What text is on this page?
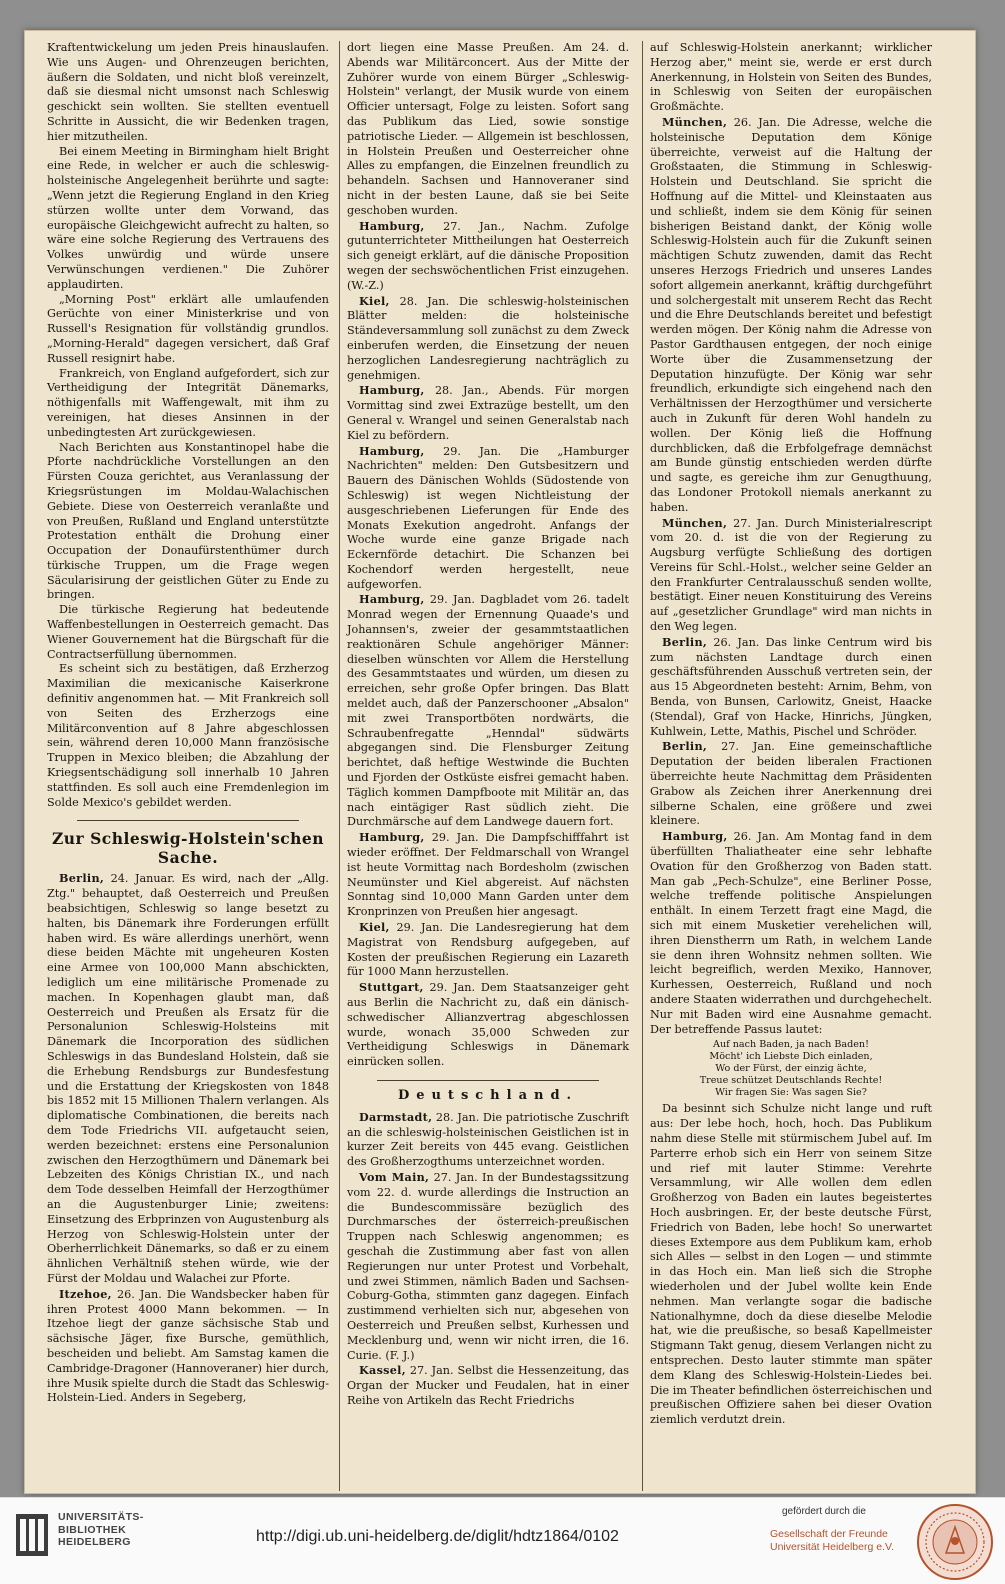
Kraftentwickelung um jeden Preis hinauslaufen. Wie uns Augen- und Ohrenzeugen berichten, äußern die Soldaten, und nicht bloß vereinzelt, daß sie diesmal nicht umsonst nach Schleswig geschickt sein wollten. Sie stellten eventuell Schritte in Aussicht, die wir Bedenken tragen, hier mitzutheilen.

Bei einem Meeting in Birmingham hielt Bright eine Rede, in welcher er auch die schleswig-holsteinische Angelegenheit berührte und sagte: „Wenn jetzt die Regierung England in den Krieg stürzen wollte unter dem Vorwand, das europäische Gleichgewicht aufrecht zu halten, so wäre eine solche Regierung des Vertrauens des Volkes unwürdig und würde unsere Verwünschungen verdienen." Die Zuhörer applaudirten.

„Morning Post" erklärt alle umlaufenden Gerüchte von einer Ministerkrise und von Russell's Resignation für vollständig grundlos. „Morning-Herald" dagegen versichert, daß Graf Russell resignirt habe.

Frankreich, von England aufgefordert, sich zur Vertheidigung der Integrität Dänemarks, nöthigenfalls mit Waffengewalt, mit ihm zu vereinigen, hat dieses Ansinnen in der unbedingtesten Art zurückgewiesen.

Nach Berichten aus Konstantinopel habe die Pforte nachdrückliche Vorstellungen an den Fürsten Couza gerichtet, aus Veranlassung der Kriegsrüstungen im Moldau-Walachischen Gebiete. Diese von Oesterreich veranlaßte und von Preußen, Rußland und England unterstützte Protestation enthält die Drohung einer Occupation der Donaufürstenthümer durch türkische Truppen, um die Frage wegen Säcularisirung der geistlichen Güter zu Ende zu bringen.

Die türkische Regierung hat bedeutende Waffenbestellungen in Oesterreich gemacht. Das Wiener Gouvernement hat die Bürgschaft für die Contractserfüllung übernommen.

Es scheint sich zu bestätigen, daß Erzherzog Maximilian die mexicanische Kaiserkrone definitiv angenommen hat. — Mit Frankreich soll von Seiten des Erzherzogs eine Militärconvention auf 8 Jahre abgeschlossen sein, während deren 10,000 Mann französische Truppen in Mexico bleiben; die Abzahlung der Kriegsentschädigung soll innerhalb 10 Jahren stattfinden. Es soll auch eine Fremdenlegion im Solde Mexico's gebildet werden.

Zur Schleswig-Holstein'schen Sache.

Berlin, 24. Januar. Es wird, nach der „Allg. Ztg." behauptet, daß Oesterreich und Preußen beabsichtigen, Schleswig so lange besetzt zu halten, bis Dänemark ihre Forderungen erfüllt haben wird. Es wäre allerdings unerhört, wenn diese beiden Mächte mit ungeheuren Kosten eine Armee von 100,000 Mann abschickten, lediglich um eine militärische Promenade zu machen. In Kopenhagen glaubt man, daß Oesterreich und Preußen als Ersatz für die Personalunion Schleswig-Holsteins mit Dänemark die Incorporation des südlichen Schleswigs in das Bundesland Holstein, daß sie die Erhebung Rendsburgs zur Bundesfestung und die Erstattung der Kriegskosten von 1848 bis 1852 mit 15 Millionen Thalern verlangen. Als diplomatische Combinationen, die bereits nach dem Tode Friedrichs VII. aufgetaucht seien, werden bezeichnet: erstens eine Personalunion zwischen den Herzogthümern und Dänemark bei Lebzeiten des Königs Christian IX., und nach dem Tode desselben Heimfall der Herzogthümer an die Augustenburger Linie; zweitens: Einsetzung des Erbprinzen von Augustenburg als Herzog von Schleswig-Holstein unter der Oberherrlichkeit Dänemarks, so daß er zu einem ähnlichen Verhältniß stehen würde, wie der Fürst der Moldau und Walachei zur Pforte.

Itzehoe, 26. Jan. Die Wandsbecker haben für ihren Protest 4000 Mann bekommen. — In Itzehoe liegt der ganze sächsische Stab und sächsische Jäger, fixe Bursche, gemüthlich, bescheiden und beliebt. Am Samstag kamen die Cambridge-Dragoner (Hannoveraner) hier durch, ihre Musik spielte durch die Stadt das Schleswig-Holstein-Lied. Anders in Segeberg,

dort liegen eine Masse Preußen. Am 24. d. Abends war Militärconcert. Aus der Mitte der Zuhörer wurde von einem Bürger „Schleswig-Holstein" verlangt, der Musik wurde von einem Officier untersagt, Folge zu leisten. Sofort sang das Publikum das Lied, sowie sonstige patriotische Lieder. — Allgemein ist beschlossen, in Holstein Preußen und Oesterreicher ohne Alles zu empfangen, die Einzelnen freundlich zu behandeln. Sachsen und Hannoveraner sind nicht in der besten Laune, daß sie bei Seite geschoben wurden.

Hamburg, 27. Jan., Nachm. Zufolge gutunterrichteter Mittheilungen hat Oesterreich sich geneigt erklärt, auf die dänische Proposition wegen der sechswöchentlichen Frist einzugehen. (W.-Z.)

Kiel, 28. Jan. Die schleswig-holsteinischen Blätter melden: die holsteinische Ständeversammlung soll zunächst zu dem Zweck einberufen werden, die Einsetzung der neuen herzoglichen Landesregierung nachträglich zu genehmigen.

Hamburg, 28. Jan., Abends. Für morgen Vormittag sind zwei Extrazüge bestellt, um den General v. Wrangel und seinen Generalstab nach Kiel zu befördern.

Hamburg, 29. Jan. Die „Hamburger Nachrichten" melden: Den Gutsbesitzern und Bauern des Dänischen Wohlds (Südostende von Schleswig) ist wegen Nichtleistung der ausgeschriebenen Lieferungen für Ende des Monats Exekution angedroht. Anfangs der Woche wurde eine ganze Brigade nach Eckernförde detachirt. Die Schanzen bei Kochendorf werden hergestellt, neue aufgeworfen.

Hamburg, 29. Jan. Dagbladet vom 26. tadelt Monrad wegen der Ernennung Quaade's und Johannsen's, zweier der gesammtstaatlichen reaktionären Schule angehöriger Männer: dieselben wünschten vor Allem die Herstellung des Gesammtstaates und würden, um diesen zu erreichen, sehr große Opfer bringen. Das Blatt meldet auch, daß der Panzerschooner „Absalon" mit zwei Transportböten nordwärts, die Schraubenfregatte „Henndal" südwärts abgegangen sind. Die Flensburger Zeitung berichtet, daß heftige Westwinde die Buchten und Fjorden der Ostküste eisfrei gemacht haben. Täglich kommen Dampfboote mit Militär an, das nach eintägiger Rast südlich zieht. Die Durchmärsche auf dem Landwege dauern fort.

Hamburg, 29. Jan. Die Dampfschifffahrt ist wieder eröffnet. Der Feldmarschall von Wrangel ist heute Vormittag nach Bordesholm (zwischen Neumünster und Kiel abgereist. Auf nächsten Sonntag sind 10,000 Mann Garden unter dem Kronprinzen von Preußen hier angesagt.

Kiel, 29. Jan. Die Landesregierung hat dem Magistrat von Rendsburg aufgegeben, auf Kosten der preußischen Regierung ein Lazareth für 1000 Mann herzustellen.

Stuttgart, 29. Jan. Dem Staatsanzeiger geht aus Berlin die Nachricht zu, daß ein dänisch-schwedischer Allianzvertrag abgeschlossen wurde, wonach 35,000 Schweden zur Vertheidigung Schleswigs in Dänemark einrücken sollen.

Deutschland.

Darmstadt, 28. Jan. Die patriotische Zuschrift an die schleswig-holsteinischen Geistlichen ist in kurzer Zeit bereits von 445 evang. Geistlichen des Großherzogthums unterzeichnet worden.

Vom Main, 27. Jan. In der Bundestagssitzung vom 22. d. wurde allerdings die Instruction an die Bundescommissäre bezüglich des Durchmarsches der österreich-preußischen Truppen nach Schleswig angenommen; es geschah die Zustimmung aber fast von allen Regierungen nur unter Protest und Vorbehalt, und zwei Stimmen, nämlich Baden und Sachsen-Coburg-Gotha, stimmten ganz dagegen. Einfach zustimmend verhielten sich nur, abgesehen von Oesterreich und Preußen selbst, Kurhessen und Mecklenburg und, wenn wir nicht irren, die 16. Curie. (F. J.)

Kassel, 27. Jan. Selbst die Hessenzeitung, das Organ der Mucker und Feudalen, hat in einer Reihe von Artikeln das Recht Friedrichs

auf Schleswig-Holstein anerkannt; wirklicher Herzog aber," meint sie, werde er erst durch Anerkennung, in Holstein von Seiten des Bundes, in Schleswig von Seiten der europäischen Großmächte.

München, 26. Jan. Die Adresse, welche die holsteinische Deputation dem Könige überreichte, verweist auf die Haltung der Großstaaten, die Stimmung in Schleswig-Holstein und Deutschland. Sie spricht die Hoffnung auf die Mittel- und Kleinstaaten aus und schließt, indem sie dem König für seinen bisherigen Beistand dankt, der König wolle Schleswig-Holstein auch für die Zukunft seinen mächtigen Schutz zuwenden, damit das Recht unseres Herzogs Friedrich und unseres Landes sofort allgemein anerkannt, kräftig durchgeführt und solchergestalt mit unserem Recht das Recht und die Ehre Deutschlands bereitet und befestigt werden mögen. Der König nahm die Adresse von Pastor Gardthausen entgegen, der noch einige Worte über die Zusammensetzung der Deputation hinzufügte. Der König war sehr freundlich, erkundigte sich eingehend nach den Verhältnissen der Herzogthümer und versicherte auch in Zukunft für deren Wohl handeln zu wollen. Der König ließ die Hoffnung durchblicken, daß die Erbfolgefrage demnächst am Bunde günstig entschieden werden dürfte und sagte, es gereiche ihm zur Genugthuung, das Londoner Protokoll niemals anerkannt zu haben.

München, 27. Jan. Durch Ministerialrescript vom 20. d. ist die von der Regierung zu Augsburg verfügte Schließung des dortigen Vereins für Schl.-Holst., welcher seine Gelder an den Frankfurter Centralausschuß senden wollte, bestätigt. Einer neuen Konstituirung des Vereins auf „gesetzlicher Grundlage" wird man nichts in den Weg legen.

Berlin, 26. Jan. Das linke Centrum wird bis zum nächsten Landtage durch einen geschäftsführenden Ausschuß vertreten sein, der aus 15 Abgeordneten besteht: Arnim, Behm, von Benda, von Bunsen, Carlowitz, Gneist, Haacke (Stendal), Graf von Hacke, Hinrichs, Jüngken, Kuhlwein, Lette, Mathis, Pischel und Schröder.

Berlin, 27. Jan. Eine gemeinschaftliche Deputation der beiden liberalen Fractionen überreichte heute Nachmittag dem Präsidenten Grabow als Zeichen ihrer Anerkennung drei silberne Schalen, eine größere und zwei kleinere.

Hamburg, 26. Jan. Am Montag fand in dem überfüllten Thaliatheater eine sehr lebhafte Ovation für den Großherzog von Baden statt. Man gab „Pech-Schulze", eine Berliner Posse, welche treffende politische Anspielungen enthält. In einem Terzett fragt eine Magd, die sich mit einem Musketier verehelichen will, ihren Dienstherrn um Rath, in welchem Lande sie denn ihren Wohnsitz nehmen sollten. Wie leicht begreiflich, werden Mexiko, Hannover, Kurhessen, Oesterreich, Rußland und noch andere Staaten widerrathen und durchgehechelt. Nur mit Baden wird eine Ausnahme gemacht. Der betreffende Passus lautet:

Auf nach Baden, ja nach Baden!
Möcht' ich Liebste Dich einladen,
Wo der Fürst, der einzig ächte,
Treue schützet Deutschlands Rechte!
Wir fragen Sie: Was sagen Sie?

Da besinnt sich Schulze nicht lange und ruft aus: Der lebe hoch, hoch, hoch. Das Publikum nahm diese Stelle mit stürmischem Jubel auf. Im Parterre erhob sich ein Herr von seinem Sitze und rief mit lauter Stimme: Verehrte Versammlung, wir Alle wollen dem edlen Großherzog von Baden ein lautes begeistertes Hoch ausbringen. Er, der beste deutsche Fürst, Friedrich von Baden, lebe hoch! So unerwartet dieses Extempore aus dem Publikum kam, erhob sich Alles — selbst in den Logen — und stimmte in das Hoch ein. Man ließ sich die Strophe wiederholen und der Jubel wollte kein Ende nehmen. Man verlangte sogar die badische Nationalhymne, doch da diese dieselbe Melodie hat, wie die preußische, so besaß Kapellmeister Stigmann Takt genug, diesem Verlangen nicht zu entsprechen. Desto lauter stimmte man später dem Klang des Schleswig-Holstein-Liedes bei. Die im Theater befindlichen österreichischen und preußischen Offiziere sahen bei dieser Ovation ziemlich verdutzt drein.

UNIVERSITÄTS-
BIBLIOTHEK
HEIDELBERG	http://digi.ub.uni-heidelberg.de/diglit/hdtz1864/0102
gefördert durch die
Gesellschaft der Freunde
Universität Heidelberg e.V.
